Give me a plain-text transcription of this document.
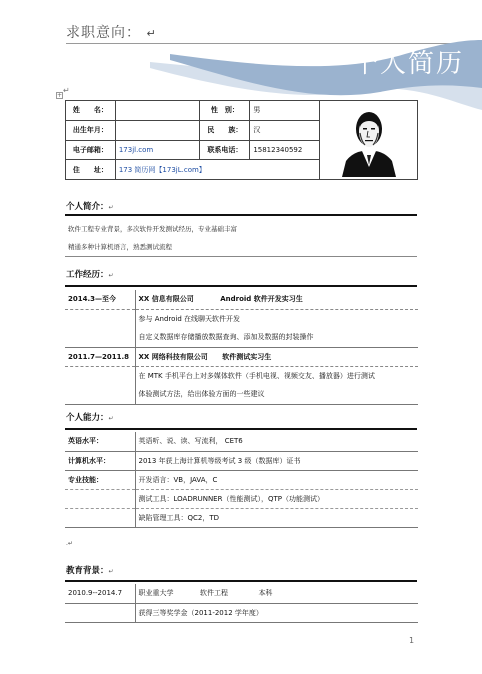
求职意向： ↵
个人简历
↵
+
姓　　名：		性　别：	男	
出生年月：		民　　族：	汉	
电子邮箱：	173jl.com	联系电话：	15812340592	
住　　址：	173 简历网【173jL.com】			
个人简介：↵
软件工程专业背景，多次软件开发测试经历，专业基础丰富
精通多种计算机语言，熟悉测试流程
工作经历：↵
2014.3—至今	XX 信息有限公司 Android 软件开发实习生
	参与 Android 在线聊天软件开发
	自定义数据库存储播放数据查询、添加及数据的封装操作
2011.7—2011.8	XX 网络科技有限公司 软件测试实习生
	在 MTK 手机平台上对多媒体软件（手机电视、视频交友、播放器）进行测试
	体验测试方法，给出体验方面的一些建议
个人能力：↵
英语水平：	英语听、说、读、写流利， CET6
计算机水平：	2013 年获上海计算机等级考试 3 级（数据库）证书
专业技能：	开发语言：VB，JAVA，C
	测试工具：LOADRUNNER（性能测试），QTP（功能测试）
	缺陷管理工具：QC2，TD
.↵
教育背景：↵
2010.9--2014.7	职业重大学 软件工程 本科
	获得三等奖学金（2011-2012 学年度）
1
